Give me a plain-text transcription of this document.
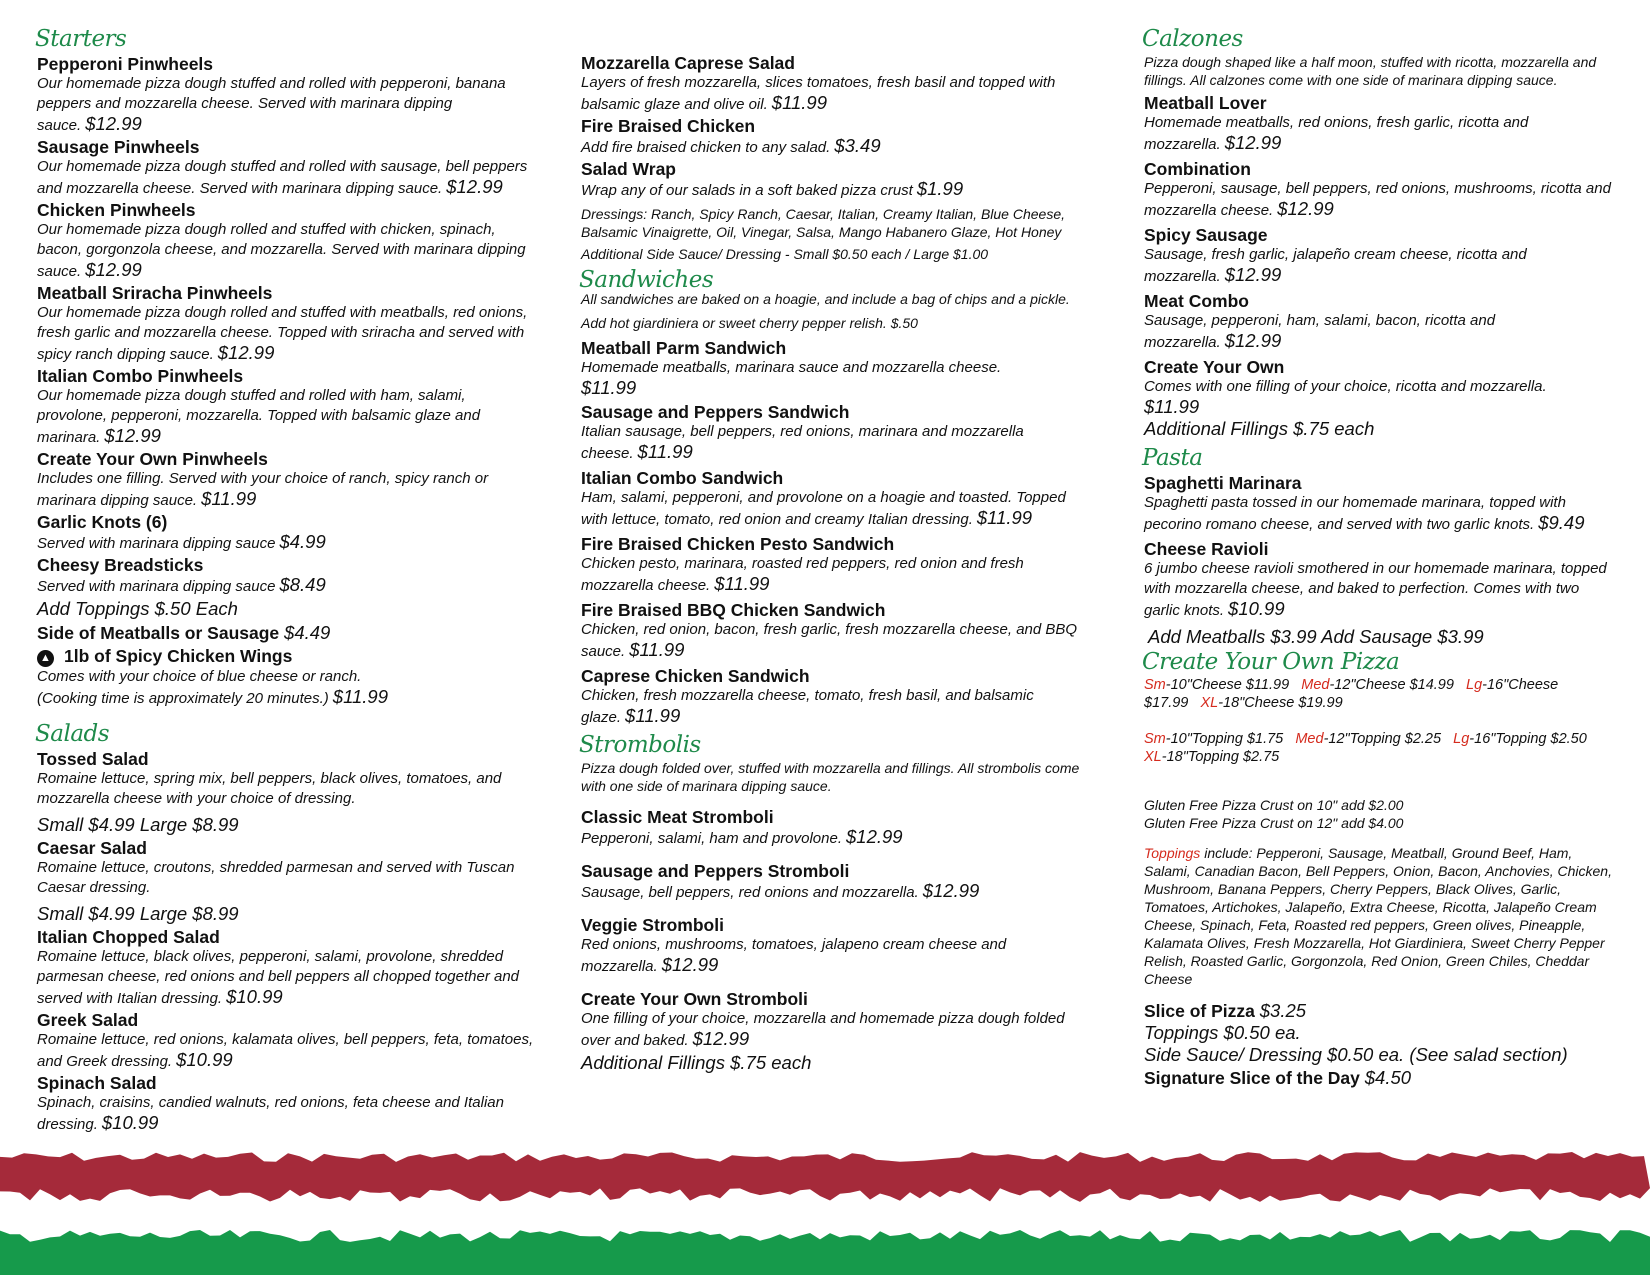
Starters
Pepperoni Pinwheels
Our homemade pizza dough stuffed and rolled with pepperoni, banana peppers and mozzarella cheese. Served with marinara dipping sauce. $12.99
Sausage Pinwheels
Our homemade pizza dough stuffed and rolled with sausage, bell peppers and mozzarella cheese. Served with marinara dipping sauce. $12.99
Chicken Pinwheels
Our homemade pizza dough rolled and stuffed with chicken, spinach, bacon, gorgonzola cheese, and mozzarella. Served with marinara dipping sauce. $12.99
Meatball Sriracha Pinwheels
Our homemade pizza dough rolled and stuffed with meatballs, red onions, fresh garlic and mozzarella cheese. Topped with sriracha and served with spicy ranch dipping sauce. $12.99
Italian Combo Pinwheels
Our homemade pizza dough stuffed and rolled with ham, salami, provolone, pepperoni, mozzarella. Topped with balsamic glaze and marinara. $12.99
Create Your Own Pinwheels
Includes one filling. Served with your choice of ranch, spicy ranch or marinara dipping sauce. $11.99
Garlic Knots (6)
Served with marinara dipping sauce $4.99
Cheesy Breadsticks
Served with marinara dipping sauce $8.49
Add Toppings $.50 Each
Side of Meatballs or Sausage $4.49
▲ 1lb of Spicy Chicken Wings
Comes with your choice of blue cheese or ranch.
(Cooking time is approximately 20 minutes.) $11.99
Salads
Tossed Salad
Romaine lettuce, spring mix, bell peppers, black olives, tomatoes, and mozzarella cheese with your choice of dressing.
Small $4.99 Large $8.99
Caesar Salad
Romaine lettuce, croutons, shredded parmesan and served with Tuscan Caesar dressing.
Small $4.99 Large $8.99
Italian Chopped Salad
Romaine lettuce, black olives, pepperoni, salami, provolone, shredded parmesan cheese, red onions and bell peppers all chopped together and served with Italian dressing. $10.99
Greek Salad
Romaine lettuce, red onions, kalamata olives, bell peppers, feta, tomatoes, and Greek dressing. $10.99
Spinach Salad
Spinach, craisins, candied walnuts, red onions, feta cheese and Italian dressing. $10.99
Mozzarella Caprese Salad
Layers of fresh mozzarella, slices tomatoes, fresh basil and topped with balsamic glaze and olive oil. $11.99
Fire Braised Chicken
Add fire braised chicken to any salad. $3.49
Salad Wrap
Wrap any of our salads in a soft baked pizza crust $1.99
Dressings: Ranch, Spicy Ranch, Caesar, Italian, Creamy Italian, Blue Cheese, Balsamic Vinaigrette, Oil, Vinegar, Salsa, Mango Habanero Glaze, Hot Honey
Additional Side Sauce/ Dressing - Small $0.50 each / Large $1.00
Sandwiches
All sandwiches are baked on a hoagie, and include a bag of chips and a pickle.
Add hot giardiniera or sweet cherry pepper relish. $.50
Meatball Parm Sandwich
Homemade meatballs, marinara sauce and mozzarella cheese.
$11.99
Sausage and Peppers Sandwich
Italian sausage, bell peppers, red onions, marinara and mozzarella cheese. $11.99
Italian Combo Sandwich
Ham, salami, pepperoni, and provolone on a hoagie and toasted. Topped with lettuce, tomato, red onion and creamy Italian dressing. $11.99
Fire Braised Chicken Pesto Sandwich
Chicken pesto, marinara, roasted red peppers, red onion and fresh mozzarella cheese. $11.99
Fire Braised BBQ Chicken Sandwich
Chicken, red onion, bacon, fresh garlic, fresh mozzarella cheese, and BBQ sauce. $11.99
Caprese Chicken Sandwich
Chicken, fresh mozzarella cheese, tomato, fresh basil, and balsamic glaze. $11.99
Strombolis
Pizza dough folded over, stuffed with mozzarella and fillings. All strombolis come with one side of marinara dipping sauce.
Classic Meat Stromboli
Pepperoni, salami, ham and provolone. $12.99
Sausage and Peppers Stromboli
Sausage, bell peppers, red onions and mozzarella. $12.99
Veggie Stromboli
Red onions, mushrooms, tomatoes, jalapeno cream cheese and mozzarella. $12.99
Create Your Own Stromboli
One filling of your choice, mozzarella and homemade pizza dough folded over and baked. $12.99
Additional Fillings $.75 each
Calzones
Pizza dough shaped like a half moon, stuffed with ricotta, mozzarella and fillings. All calzones come with one side of marinara dipping sauce.
Meatball Lover
Homemade meatballs, red onions, fresh garlic, ricotta and mozzarella. $12.99
Combination
Pepperoni, sausage, bell peppers, red onions, mushrooms, ricotta and mozzarella cheese. $12.99
Spicy Sausage
Sausage, fresh garlic, jalapeño cream cheese, ricotta and mozzarella. $12.99
Meat Combo
Sausage, pepperoni, ham, salami, bacon, ricotta and mozzarella. $12.99
Create Your Own
Comes with one filling of your choice, ricotta and mozzarella.
$11.99
Additional Fillings $.75 each
Pasta
Spaghetti Marinara
Spaghetti pasta tossed in our homemade marinara, topped with pecorino romano cheese, and served with two garlic knots. $9.49
Cheese Ravioli
6 jumbo cheese ravioli smothered in our homemade marinara, topped with mozzarella cheese, and baked to perfection. Comes with two garlic knots. $10.99
Add Meatballs $3.99 Add Sausage $3.99
Create Your Own Pizza
Sm-10"Cheese $11.99 Med-12"Cheese $14.99 Lg-16"Cheese $17.99 XL-18"Cheese $19.99
Sm-10"Topping $1.75 Med-12"Topping $2.25 Lg-16"Topping $2.50   XL-18"Topping $2.75
Gluten Free Pizza Crust on 10" add $2.00
Gluten Free Pizza Crust on 12" add $4.00
Toppings include: Pepperoni, Sausage, Meatball, Ground Beef, Ham, Salami, Canadian Bacon, Bell Peppers, Onion, Bacon, Anchovies, Chicken, Mushroom, Banana Peppers, Cherry Peppers, Black Olives, Garlic, Tomatoes, Artichokes, Jalapeño, Extra Cheese, Ricotta, Jalapeño Cream Cheese, Spinach, Feta, Roasted red peppers, Green olives, Pineapple, Kalamata Olives, Fresh Mozzarella, Hot Giardiniera, Sweet Cherry Pepper Relish, Roasted Garlic, Gorgonzola, Red Onion, Green Chiles, Cheddar Cheese
Slice of Pizza $3.25
Toppings $0.50 ea.
Side Sauce/ Dressing $0.50 ea. (See salad section)
Signature Slice of the Day $4.50
